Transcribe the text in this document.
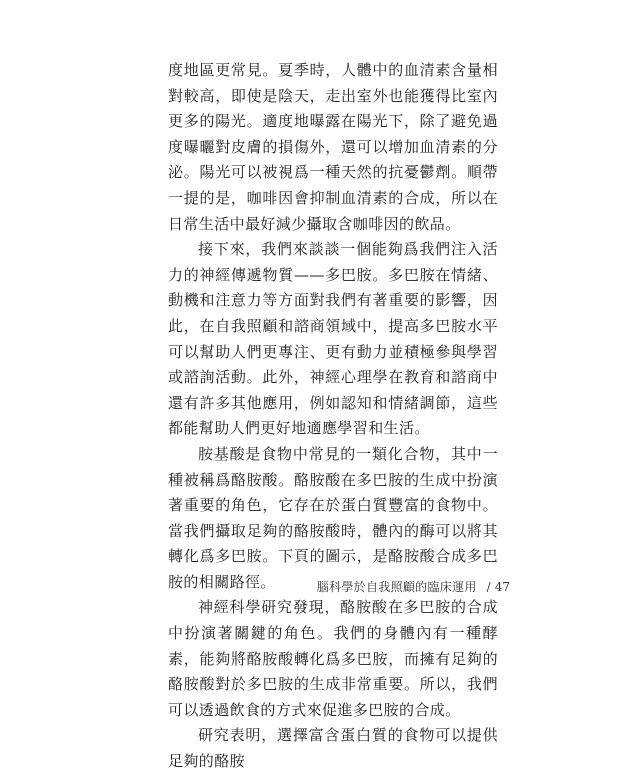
度地區更常見。夏季時，人體中的血清素含量相對較高，即使是陰天，走出室外也能獲得比室內更多的陽光。適度地曝露在陽光下，除了避免過度曝曬對皮膚的損傷外，還可以增加血清素的分泌。陽光可以被視爲一種天然的抗憂鬱劑。順帶一提的是，咖啡因會抑制血清素的合成，所以在日常生活中最好減少攝取含咖啡因的飲品。

接下來，我們來談談一個能夠爲我們注入活力的神經傳遞物質——多巴胺。多巴胺在情緒、動機和注意力等方面對我們有著重要的影響，因此，在自我照顧和諮商領域中，提高多巴胺水平可以幫助人們更專注、更有動力並積極參與學習或諮詢活動。此外，神經心理學在教育和諮商中還有許多其他應用，例如認知和情緒調節，這些都能幫助人們更好地適應學習和生活。

胺基酸是食物中常見的一類化合物，其中一種被稱爲酪胺酸。酪胺酸在多巴胺的生成中扮演著重要的角色，它存在於蛋白質豐富的食物中。當我們攝取足夠的酪胺酸時，體內的酶可以將其轉化爲多巴胺。下頁的圖示，是酪胺酸合成多巴胺的相關路徑。

神經科學研究發現，酪胺酸在多巴胺的合成中扮演著關鍵的角色。我們的身體內有一種酵素，能夠將酪胺酸轉化爲多巴胺，而擁有足夠的酪胺酸對於多巴胺的生成非常重要。所以，我們可以透過飲食的方式來促進多巴胺的合成。

研究表明，選擇富含蛋白質的食物可以提供足夠的酪胺

腦科學於自我照顧的臨床運用 / 47
